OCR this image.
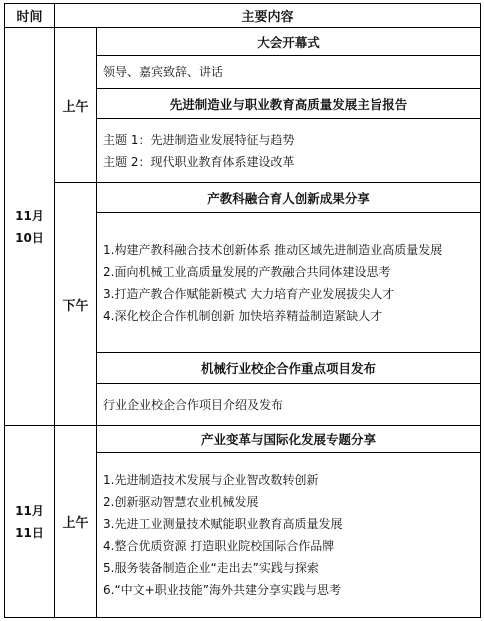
时间	主要内容
11月
10日
上午
下午
大会开幕式
领导、嘉宾致辞、讲话
先进制造业与职业教育高质量发展主旨报告
主题 1：先进制造业发展特征与趋势
主题 2：现代职业教育体系建设改革
产教科融合育人创新成果分享
1.构建产教科融合技术创新体系 推动区域先进制造业高质量发展
2.面向机械工业高质量发展的产教融合共同体建设思考
3.打造产教合作赋能新模式 大力培育产业发展拔尖人才
4.深化校企合作机制创新 加快培养精益制造紧缺人才
机械行业校企合作重点项目发布
行业企业校企合作项目介绍及发布
11月
11日
上午
产业变革与国际化发展专题分享
1.先进制造技术发展与企业智改数转创新
2.创新驱动智慧农业机械发展
3.先进工业测量技术赋能职业教育高质量发展
4.整合优质资源 打造职业院校国际合作品牌
5.服务装备制造企业“走出去”实践与探索
6.“中文+职业技能”海外共建分享实践与思考
